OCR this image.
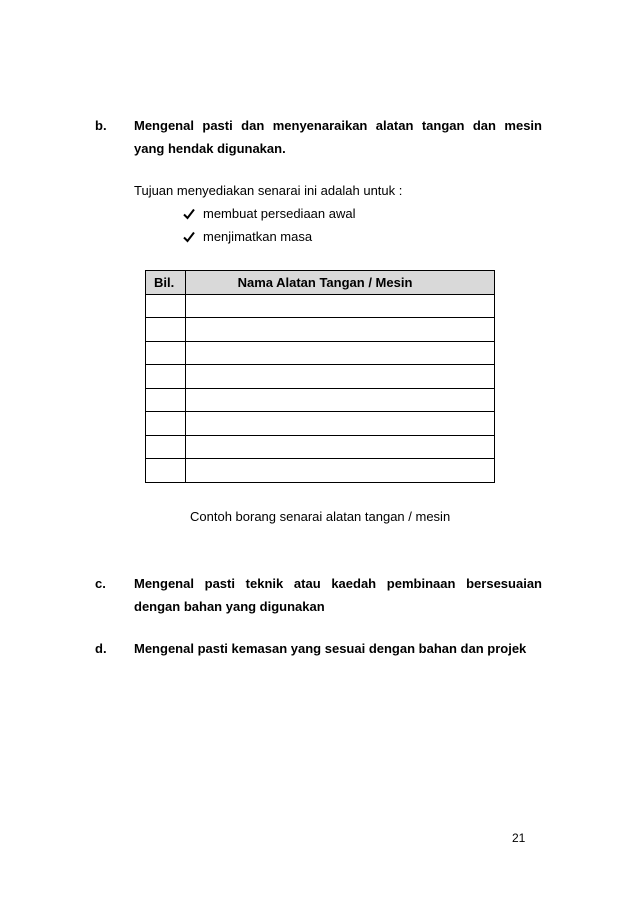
b. Mengenal pasti dan menyenaraikan alatan tangan dan mesin
yang hendak digunakan.
Tujuan menyediakan senarai ini adalah untuk :
membuat persediaan awal
menjimatkan masa
Bil.	Nama Alatan Tangan / Mesin

Contoh borang senarai alatan tangan / mesin
c. Mengenal pasti teknik atau kaedah pembinaan bersesuaian
dengan bahan yang digunakan
d. Mengenal pasti kemasan yang sesuai dengan bahan dan projek
21
